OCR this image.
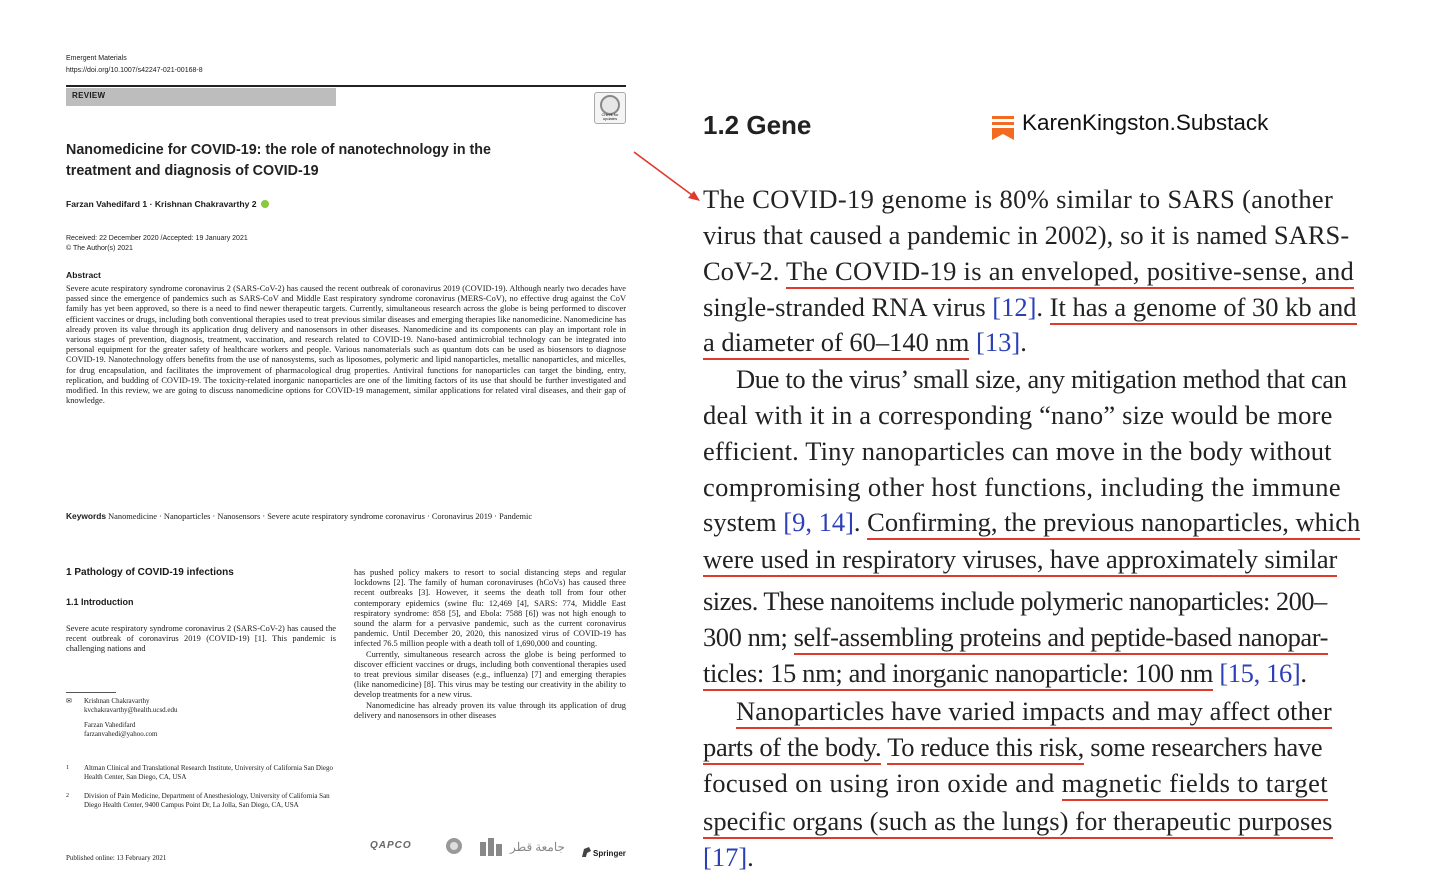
Emergent Materials
https://doi.org/10.1007/s42247-021-00168-8
REVIEW
Check for updates
Nanomedicine for COVID-19: the role of nanotechnology in the treatment and diagnosis of COVID-19
Farzan Vahedifard 1 · Krishnan Chakravarthy 2
Received: 22 December 2020 /Accepted: 19 January 2021
© The Author(s) 2021
Abstract
Severe acute respiratory syndrome coronavirus 2 (SARS-CoV-2) has caused the recent outbreak of coronavirus 2019 (COVID-19). Although nearly two decades have passed since the emergence of pandemics such as SARS-CoV and Middle East respiratory syndrome coronavirus (MERS-CoV), no effective drug against the CoV family has yet been approved, so there is a need to find newer therapeutic targets. Currently, simultaneous research across the globe is being performed to discover efficient vaccines or drugs, including both conventional therapies used to treat previous similar diseases and emerging therapies like nanomedicine. Nanomedicine has already proven its value through its application drug delivery and nanosensors in other diseases. Nanomedicine and its components can play an important role in various stages of prevention, diagnosis, treatment, vaccination, and research related to COVID-19. Nano-based antimicrobial technology can be integrated into personal equipment for the greater safety of healthcare workers and people. Various nanomaterials such as quantum dots can be used as biosensors to diagnose COVID-19. Nanotechnology offers benefits from the use of nanosystems, such as liposomes, polymeric and lipid nanoparticles, metallic nanoparticles, and micelles, for drug encapsulation, and facilitates the improvement of pharmacological drug properties. Antiviral functions for nanoparticles can target the binding, entry, replication, and budding of COVID-19. The toxicity-related inorganic nanoparticles are one of the limiting factors of its use that should be further investigated and modified. In this review, we are going to discuss nanomedicine options for COVID-19 management, similar applications for related viral diseases, and their gap of knowledge.
Keywords Nanomedicine · Nanoparticles · Nanosensors · Severe acute respiratory syndrome coronavirus · Coronavirus 2019 · Pandemic
1 Pathology of COVID-19 infections
1.1 Introduction
Severe acute respiratory syndrome coronavirus 2 (SARS-CoV-2) has caused the recent outbreak of coronavirus 2019 (COVID-19) [1]. This pandemic is challenging nations and
✉ Krishnan Chakravarthy
kvchakravarthy@health.ucsd.edu
Farzan Vahedifard
farzanvahedi@yahoo.com
1 Altman Clinical and Translational Research Institute, University of California San Diego Health Center, San Diego, CA, USA
2 Division of Pain Medicine, Department of Anesthesiology, University of California San Diego Health Center, 9400 Campus Point Dr, La Jolla, San Diego, CA, USA
has pushed policy makers to resort to social distancing steps and regular lockdowns [2]. The family of human coronaviruses (hCoVs) has caused three recent outbreaks [3]. However, it seems the death toll from four other contemporary epidemics (swine flu: 12,469 [4], SARS: 774, Middle East respiratory syndrome: 858 [5], and Ebola: 7588 [6]) was not high enough to sound the alarm for a pervasive pandemic, such as the current coronavirus pandemic. Until December 20, 2020, this nanosized virus of COVID-19 has infected 76.5 million people with a death toll of 1,690,000 and counting.
Currently, simultaneous research across the globe is being performed to discover efficient vaccines or drugs, including both conventional therapies used to treat previous similar diseases (e.g., influenza) [7] and emerging therapies (like nanomedicine) [8]. This virus may be testing our creativity in the ability to develop treatments for a new virus.
Nanomedicine has already proven its value through its application of drug delivery and nanosensors in other diseases
Published online: 13 February 2021
QAPCO	جامعة قطر	Springer
1.2 Gene	KarenKingston.Substack
The COVID-19 genome is 80% similar to SARS (another
virus that caused a pandemic in 2002), so it is named SARS-
CoV-2. The COVID-19 is an enveloped, positive-sense, and
single-stranded RNA virus [12]. It has a genome of 30 kb and
a diameter of 60–140 nm [13].
Due to the virus’ small size, any mitigation method that can
deal with it in a corresponding “nano” size would be more
efficient. Tiny nanoparticles can move in the body without
compromising other host functions, including the immune
system [9, 14]. Confirming, the previous nanoparticles, which
were used in respiratory viruses, have approximately similar
sizes. These nanoitems include polymeric nanoparticles: 200–
300 nm; self-assembling proteins and peptide-based nanopar-
ticles: 15 nm; and inorganic nanoparticle: 100 nm [15, 16].
Nanoparticles have varied impacts and may affect other
parts of the body. To reduce this risk, some researchers have
focused on using iron oxide and magnetic fields to target
specific organs (such as the lungs) for therapeutic purposes
[17].
